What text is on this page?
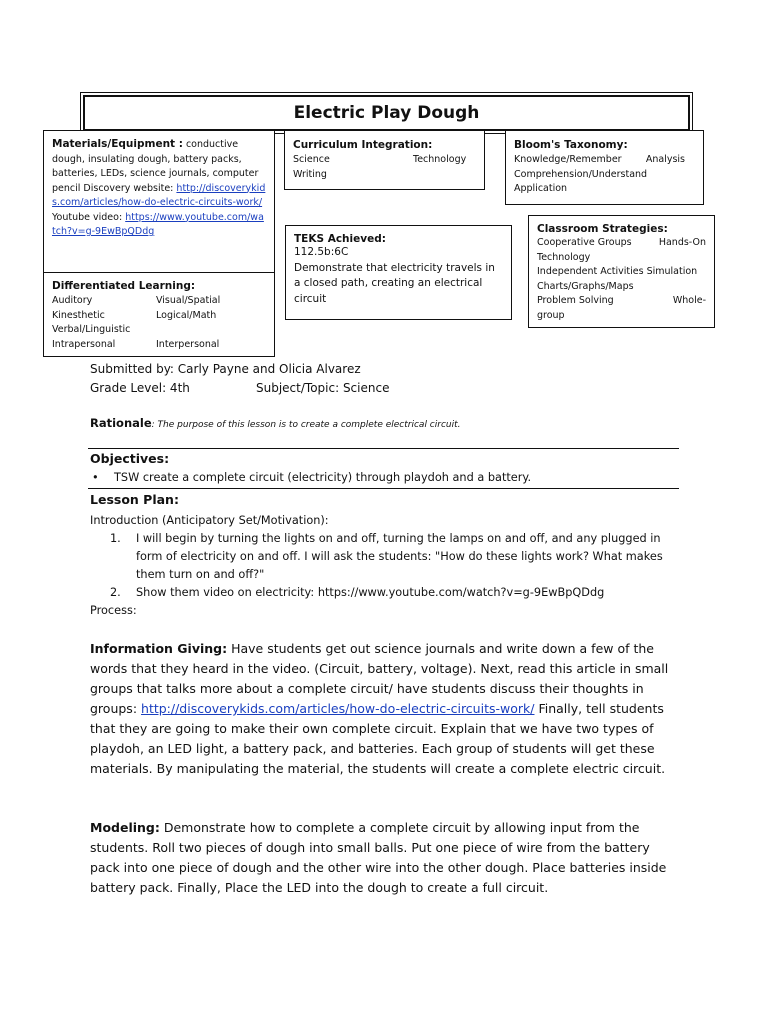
Electric Play Dough
Materials/Equipment : conductive dough, insulating dough, battery packs, batteries, LEDs, science journals, computer pencil Discovery website: http://discoverykids.com/articles/how-do-electric-circuits-work/ Youtube video: https://www.youtube.com/watch?v=g-9EwBpQDdg
Differentiated Learning:
Auditory	Visual/Spatial
Kinesthetic	Logical/Math
Verbal/Linguistic
Intrapersonal	Interpersonal
Curriculum Integration:
Science	Technology
Writing
Bloom's Taxonomy:
Knowledge/Remember	Analysis
Comprehension/Understand
Application
TEKS Achieved:
112.5b:6C
Demonstrate that electricity travels in a closed path, creating an electrical circuit
Classroom Strategies:
Cooperative Groups	Hands-On
Technology
Independent Activities Simulation
Charts/Graphs/Maps
Problem Solving	Whole-
group
Submitted by: Carly Payne and Olicia Alvarez
Grade Level: 4th	Subject/Topic: Science
Rationale: The purpose of this lesson is to create a complete electrical circuit.
Objectives:
• TSW create a complete circuit (electricity) through playdoh and a battery.
Lesson Plan:
Introduction (Anticipatory Set/Motivation):
1.	I will begin by turning the lights on and off, turning the lamps on and off, and any plugged in form of electricity on and off. I will ask the students: "How do these lights work? What makes them turn on and off?"
2.	Show them video on electricity: https://www.youtube.com/watch?v=g-9EwBpQDdg
Process:
Information Giving: Have students get out science journals and write down a few of the words that they heard in the video. (Circuit, battery, voltage). Next, read this article in small groups that talks more about a complete circuit/ have students discuss their thoughts in groups: http://discoverykids.com/articles/how-do-electric-circuits-work/ Finally, tell students that they are going to make their own complete circuit. Explain that we have two types of playdoh, an LED light, a battery pack, and batteries. Each group of students will get these materials. By manipulating the material, the students will create a complete electric circuit.
Modeling: Demonstrate how to complete a complete circuit by allowing input from the students. Roll two pieces of dough into small balls. Put one piece of wire from the battery pack into one piece of dough and the other wire into the other dough. Place batteries inside battery pack. Finally, Place the LED into the dough to create a full circuit.
